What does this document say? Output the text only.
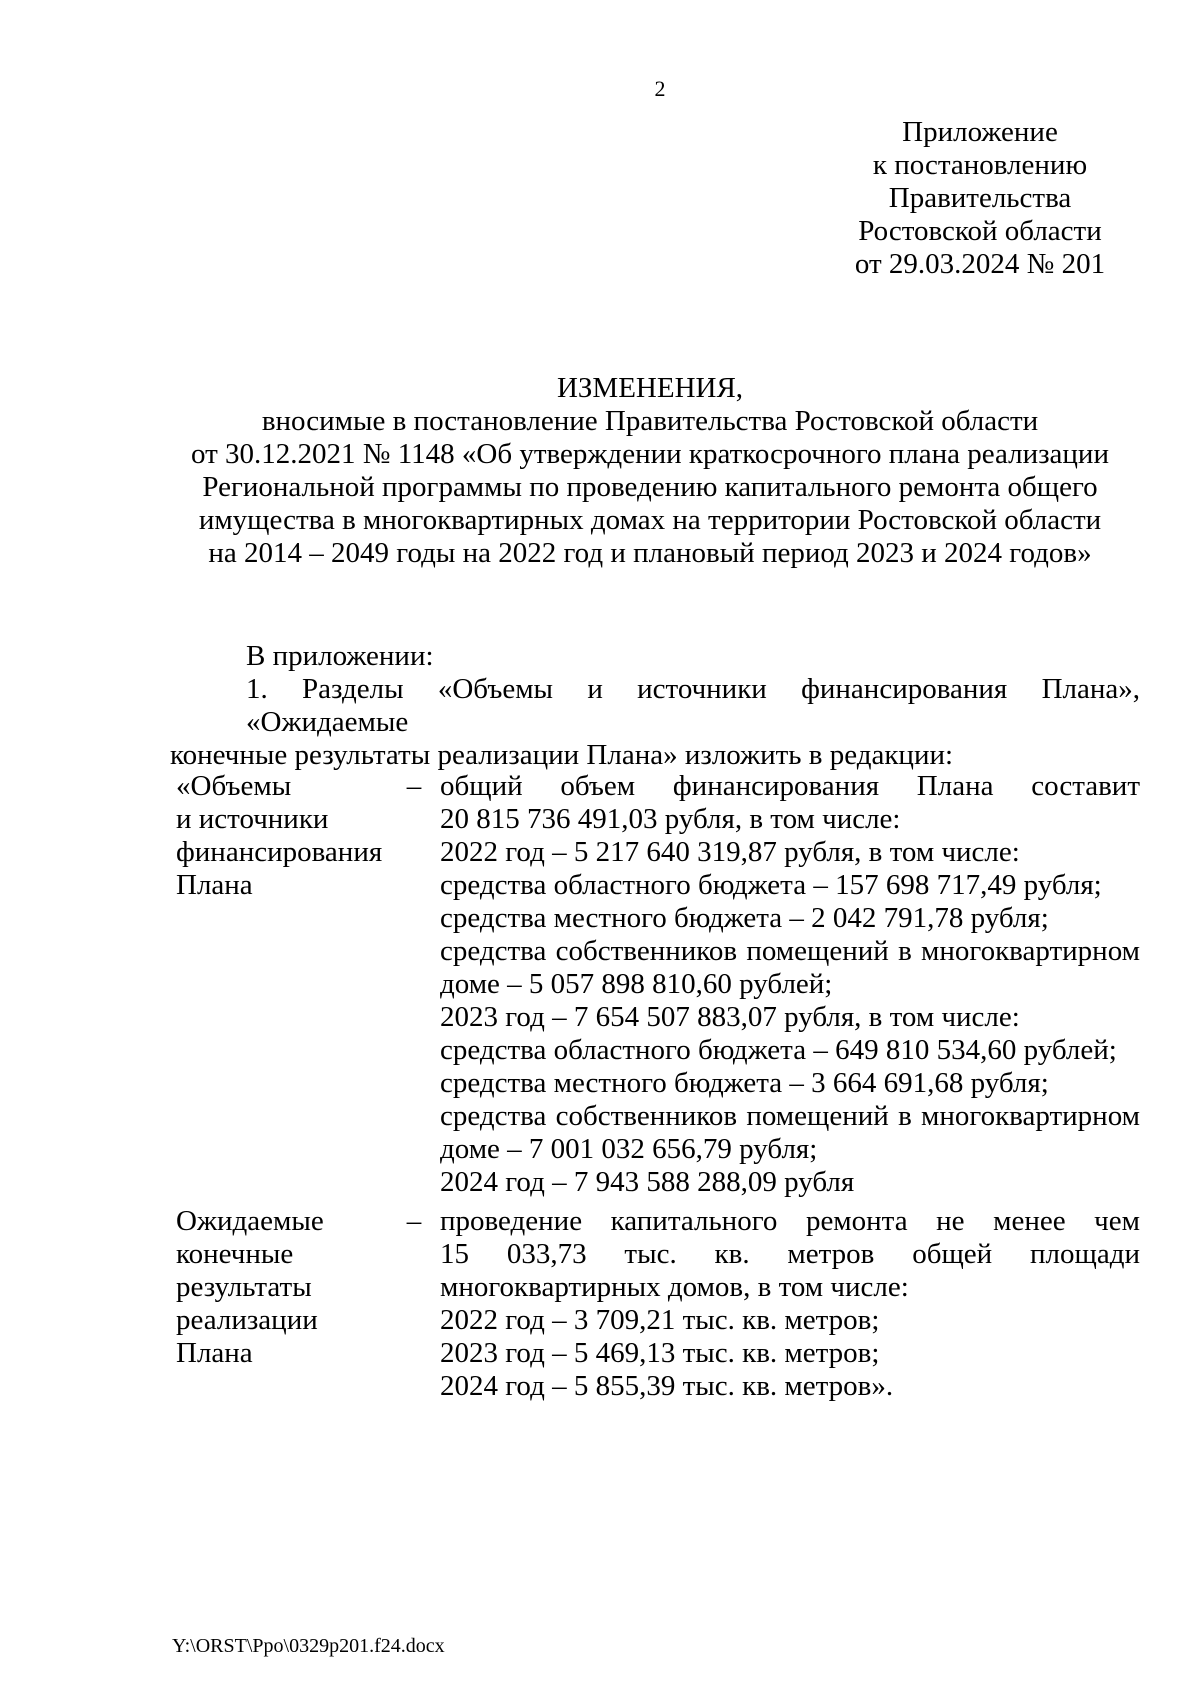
2
Приложение
к постановлению
Правительства
Ростовской области
от 29.03.2024 № 201
ИЗМЕНЕНИЯ,
вносимые в постановление Правительства Ростовской области
от 30.12.2021 № 1148 «Об утверждении краткосрочного плана реализации
Региональной программы по проведению капитального ремонта общего
имущества в многоквартирных домах на территории Ростовской области
на 2014 – 2049 годы на 2022 год и плановый период 2023 и 2024 годов»
В приложении:
1. Разделы «Объемы и источники финансирования Плана», «Ожидаемые
конечные результаты реализации Плана» изложить в редакции:
«Объемы
и источники
финансирования
Плана
– общий объем финансирования Плана составит
20 815 736 491,03 рубля, в том числе:
2022 год – 5 217 640 319,87 рубля, в том числе:
средства областного бюджета – 157 698 717,49 рубля;
средства местного бюджета – 2 042 791,78 рубля;
средства собственников помещений в многоквартирном
доме – 5 057 898 810,60 рублей;
2023 год – 7 654 507 883,07 рубля, в том числе:
средства областного бюджета – 649 810 534,60 рублей;
средства местного бюджета – 3 664 691,68 рубля;
средства собственников помещений в многоквартирном
доме – 7 001 032 656,79 рубля;
2024 год – 7 943 588 288,09 рубля
Ожидаемые
конечные
результаты
реализации
Плана
– проведение капитального ремонта не менее чем
15 033,73 тыс. кв. метров общей площади
многоквартирных домов, в том числе:
2022 год – 3 709,21 тыс. кв. метров;
2023 год – 5 469,13 тыс. кв. метров;
2024 год – 5 855,39 тыс. кв. метров».
Y:\ORST\Ppo\0329p201.f24.docx
